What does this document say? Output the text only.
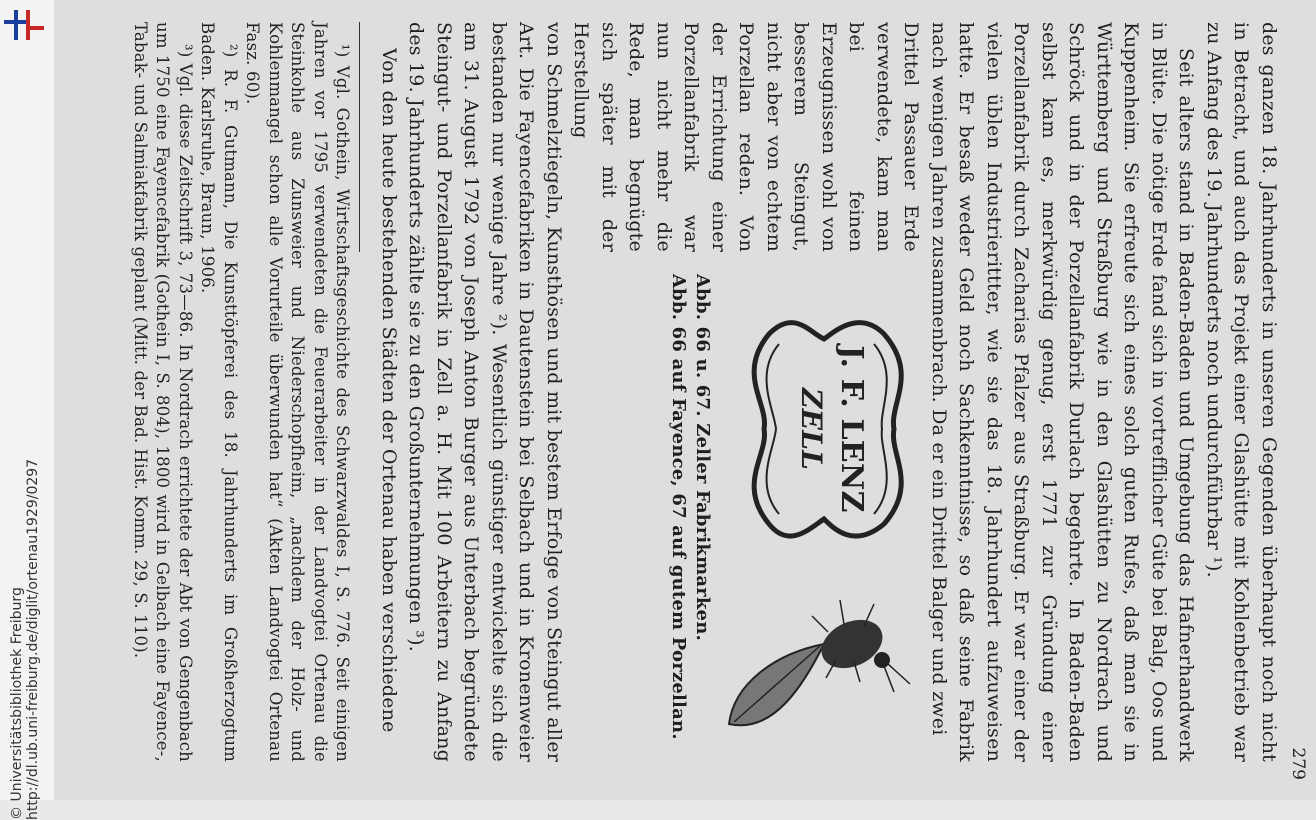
http://dl.ub.uni-freiburg.de/diglit/ortenau1929/0297
© Universitätsbibliothek Freiburg	279

des ganzen 18. Jahrhunderts in unseren Gegenden überhaupt noch nicht in Betracht, und auch das Projekt einer Glashütte mit Kohlenbetrieb war zu Anfang des 19. Jahrhunderts noch undurchführbar ¹).

Seit alters stand in Baden-Baden und Umgebung das Hafnerhandwerk in Blüte. Die nötige Erde fand sich in vortrefflicher Güte bei Balg, Oos und Kuppenheim. Sie erfreute sich eines solch guten Rufes, daß man sie in Württemberg und Straßburg wie in den Glashütten zu Nordrach und Schröck und in der Porzellanfabrik Durlach begehrte. In Baden-Baden selbst kam es, merkwürdig genug, erst 1771 zur Gründung einer Porzellanfabrik durch Zacharias Pfalzer aus Straßburg. Er war einer der vielen üblen Industrierittter, wie sie das 18. Jahrhundert aufzuweisen hatte. Er besaß weder Geld noch Sachkenntnisse, so daß seine Fabrik nach wenigen Jahren zusammenbrach. Da er ein Drittel Balger und zwei

Drittel Passauer Erde verwendete, kam man bei feinen Erzeugnissen wohl von besserem Steingut, nicht aber von echtem Porzellan reden. Von der Errichtung einer Porzellanfabrik war nun nicht mehr die Rede, man begnügte sich später mit der Herstellung

J. F. LENZ
ZELL

Abb. 66 u. 67. Zeller Fabrikmarken.

Abb. 66 auf Fayence, 67 auf gutem Porzellan.

von Schmelztiegeln, Kunsthösen und mit bestem Erfolge von Steingut aller Art. Die Fayencefabriken in Dautenstein bei Selbach und in Kronenweier bestanden nur wenige Jahre ²). Wesentlich günstiger entwickelte sich die am 31. August 1792 von Joseph Anton Burger aus Unterbach begründete Steingut- und Porzellanfabrik in Zell a. H. Mit 100 Arbeitern zu Anfang des 19. Jahrhunderts zählte sie zu den Großunternehmungen ³).

Von den heute bestehenden Städten der Ortenau haben verschiedene

¹) Vgl. Gothein, Wirtschaftsgeschichte des Schwarzwaldes I, S. 776. Seit einigen Jahren vor 1795 verwendeten die Feuerarbeiter in der Landvogtei Ortenau die Steinkohle aus Zunsweier und Niederschopfheim, „nachdem der Holz- und Kohlenmangel schon alle Vorurteile überwunden hat“ (Akten Landvogtei Ortenau Fasz. 60).

²) R. F. Gutmann, Die Kunsttöpferei des 18. Jahrhunderts im Großherzogtum Baden. Karlsruhe, Braun, 1906.

³) Vgl. diese Zeitschrift 3, 73—86. In Nordrach errichtete der Abt von Gengenbach um 1750 eine Fayencefabrik (Gothein I, S. 804), 1800 wird in Gelbach eine Fayence-, Tabak- und Salmiakfabrik geplant (Mitt. der Bad. Hist. Komm. 29, S. 110).
